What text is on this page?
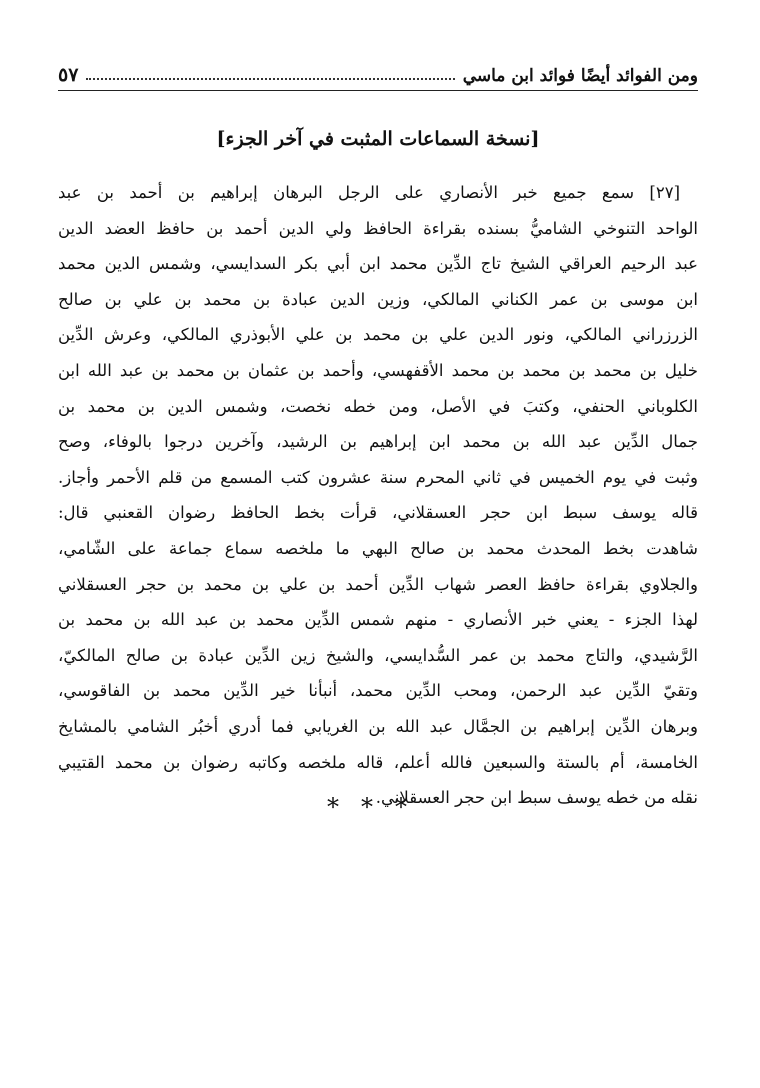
ومن الفوائد أيضًا فوائد ابن ماسي
٥٧
[نسخة السماعات المثبت في آخر الجزء]
[٢٧] سمع جميع خبر الأنصاري على الرجل البرهان إبراهيم بن أحمد بن عبد
الواحد التنوخي الشاميُّ بسنده بقراءة الحافظ ولي الدين أحمد بن حافظ العضد الدين
عبد الرحيم العراقي الشيخ تاج الدِّين محمد ابن أبي بكر السدايسي، وشمس الدين محمد
ابن موسى بن عمر الكناني المالكي، وزين الدين عبادة بن محمد بن علي بن صالح
الزرزراني المالكي، ونور الدين علي بن محمد بن علي الأبوذري المالكي، وعرش الدِّين
خليل بن محمد بن محمد بن محمد الأقفهسي، وأحمد بن عثمان بن محمد بن عبد الله ابن
الكلوباني الحنفي، وكتبَ في الأصل، ومن خطه نخصت، وشمس الدين بن محمد بن
جمال الدِّين عبد الله بن محمد ابن إبراهيم بن الرشيد، وآخرين درجوا بالوفاء، وصح
وثبت في يوم الخميس في ثاني المحرم سنة عشرون كتب المسمع من قلم الأحمر وأجاز.
قاله يوسف سبط ابن حجر العسقلاني، قرأت بخط الحافظ رضوان القعنبي قال:
شاهدت بخط المحدث محمد بن صالح البهي ما ملخصه سماع جماعة على الشّامي،
والجلاوي بقراءة حافظ العصر شهاب الدِّين أحمد بن علي بن محمد بن حجر العسقلاني
لهذا الجزء - يعني خبر الأنصاري - منهم شمس الدِّين محمد بن عبد الله بن محمد بن
الرَّشيدي، والتاج محمد بن عمر السُّدايسي، والشيخ زين الدِّين عبادة بن صالح المالكيّ،
وتقيّ الدِّين عبد الرحمن، ومحب الدِّين محمد، أنبأنا خير الدِّين محمد بن الفاقوسي،
وبرهان الدِّين إبراهيم بن الجمَّال عبد الله بن الغريابي فما أدري أخبُر الشامي بالمشايخ
الخامسة، أم بالستة والسبعين فالله أعلم، قاله ملخصه وكاتبه رضوان بن محمد القتيبي
نقله من خطه يوسف سبط ابن حجر العسقلاني.
***
